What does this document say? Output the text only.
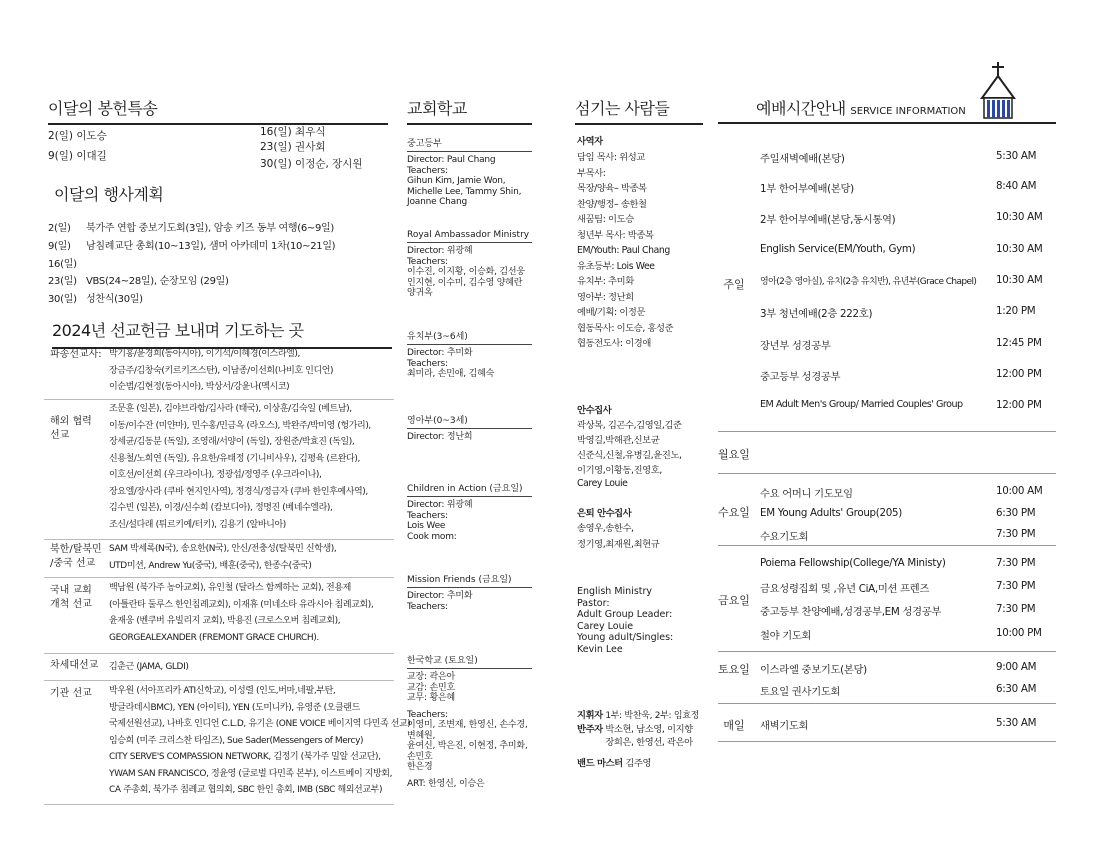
이달의 봉헌특송
2(일) 이도승
9(일) 이대길
16(일) 최우식
23(일) 권사회
30(일) 이정순, 장시원
이달의 행사계획
2(일) 북가주 연합 중보기도회(3일), 암송 키즈 동부 여행(6~9일)
9(일) 남침례교단 총회(10~13일), 샘머 아카데미 1차(10~21일)
16(일)
23(일) VBS(24~28일), 순장모임 (29일)
30(일) 성찬식(30일)
2024년 선교헌금 보내며 기도하는 곳
파송선교사: 박기홍/윤경희(동아시아), 이기석/이혜경(이스라엘),
장금주/김창숙(키르키즈스탄), 이남종/이선희(나비호 인디언)
이순범/김현정(동아시아), 박상서/강윤나(멕시코)
해외 협력
선교
조문훈 (일본), 김야브라함/김사라 (태국), 이상훈/김숙일 (베트남),
이동/이수잔 (미얀마), 민수홍/민금옥 (라오스), 박완주/박미영 (헝가리),
장세균/김동분 (독일), 조영래/서양이 (독일), 장원준/박효진 (독일),
신용철/노희연 (독일), 유요한/유태정 (기니비사우), 김평육 (르완다),
이호선/이선희 (우크라이나), 정광섭/정영주 (우크라이나),
장요엘/장사라 (쿠바 현지인사역), 정경식/정금자 (쿠바 한인후예사역),
김수빈 (일본), 이경/신수희 (캄보디아), 정명진 (베네수엘라),
조신/설다래 (튀르키예/터키), 김용기 (알바니아)
북한/탈북민
/중국 선교
SAM 박세록(N국), 송요한(N국), 안신/전충성(탈북민 신학생),
UTD미션, Andrew Yu(중국), 배훈(중국), 한종수(중국)
국내 교회
개척 선교
백남원 (북가주 농아교회), 유인철 (달라스 함께하는 교회), 전용제
(아틀란타 둘루스 한인침례교회), 이재휴 (미네소타 유라시아 침례교회),
윤재웅 (벤쿠버 유빌리지 교회), 박용진 (크로스오버 침례교회),
GEORGEALEXANDER (FREMONT GRACE CHURCH).
차세대선교 김춘근 (JAMA, GLDI)
기관 선교 박우원 (서아프리카 ATI신학교), 이성렬 (인도,버마,네팔,부탄,
방글라데시BMC), YEN (아이티), YEN (도미니카), 유영준 (오클랜드
국제선원선교), 나바호 인디언 C.L.D, 유기은 (ONE VOICE 베이지역 다민족 선교)
임승희 (미주 크리스찬 타임즈), Sue Sader(Messengers of Mercy)
CITY SERVE'S COMPASSION NETWORK, 김정기 (북가주 밀알 선교단),
YWAM SAN FRANCISCO, 정윤영 (글로벌 다민족 본부), 이스트베이 지방회,
CA 주총회, 북가주 침례교 협의회, SBC 한인 총회, IMB (SBC 해외선교부)
교회학교
중고등부
Director: Paul Chang
Teachers:
Gihun Kim, Jamie Won,
Michelle Lee, Tammy Shin,
Joanne Chang
Royal Ambassador Ministry
Director: 위광혜
Teachers:
이수진, 이지황, 이승화, 김선웅
인지현, 이수미, 김수영 양혜란
양귀옥
유치부(3~6세)
Director: 추미화
Teachers:
최미라, 손민애, 김혜숙
영아부(0~3세)
Director: 정난희
Children in Action (금요일)
Director: 위광혜
Teachers:
Lois Wee
Cook mom:
Mission Friends (금요일)
Director: 추미화
Teachers:
한국학교 (토요일)
교장: 곽은아
교감: 손민호
교무: 황은혜
Teachers:
이영미, 조변재, 한영신, 손수경, 변혜원,
윤여신, 박은진, 이현정, 추미화, 손민호
한은경
ART: 한영신, 이승은
섬기는 사람들
사역자
담임 목사: 위성교
부목사:
목장/양육– 박종복
찬양/행정– 송한철
새꿈팀: 이도승
청년부 목사: 박종복
EM/Youth: Paul Chang
유초등부: Lois Wee
유치부: 추미화
영아부: 정난희
예배/기획: 이정문
협동목사: 이도승, 홍성준
협동전도사: 이경애
안수집사
곽상복, 김곤수,김영일,김준
박영길,박해관,신보균
신준식,신철,유병길,윤진노,
이기영,이황동,진영호,
Carey Louie
은퇴 안수집사
송영우,송한수,
정기영,최재원,최현규
English Ministry
Pastor:
Adult Group Leader:
Carey Louie
Young adult/Singles:
Kevin Lee
지휘자 1부: 박찬욱, 2부: 임효정
반주자 박소현, 남소영, 이지향
장희은, 한영선, 곽은아
밴드 마스터 김주영
예배시간안내 SERVICE INFORMATION
주일
주일새벽예배(본당)	5:30 AM
1부 한어부예배(본당)	8:40 AM
2부 한어부예배(본당,동시통역)	10:30 AM
English Service(EM/Youth, Gym)	10:30 AM
영아(2층 영아실), 유치(2층 유치반), 유년부(Grace Chapel) 10:30 AM
3부 청년예배(2층 222호)	1:20 PM
장년부 성경공부	12:45 PM
중고등부 성경공부	12:00 PM
EM Adult Men's Group/ Married Couples' Group	12:00 PM
월요일
수요일
수요 어머니 기도모임	10:00 AM
EM Young Adults' Group(205)	6:30 PM
수요기도회	7:30 PM
금요일
Poiema Fellowship(College/YA Ministy)	7:30 PM
금요성령집회 및 ,유년 CiA,미션 프렌즈	7:30 PM
중고등부 찬양예배,성경공부,EM 성경공부	7:30 PM
철야 기도회	10:00 PM
토요일 이스라엘 중보기도(본당)	9:00 AM
토요일 권사기도회	6:30 AM
매일	새벽기도회	5:30 AM
